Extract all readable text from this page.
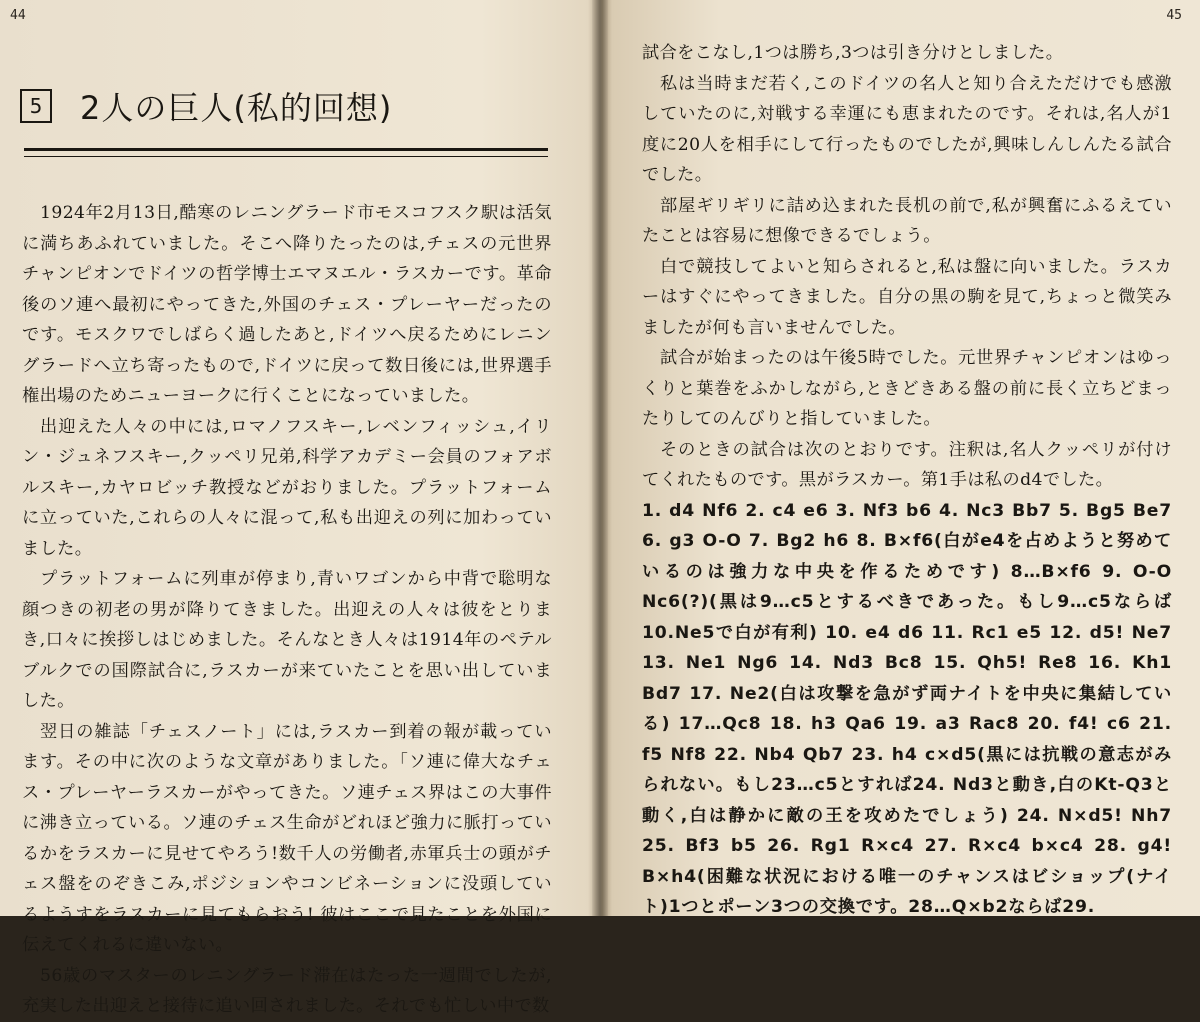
44
5	2人の巨人(私的回想)

1924年2月13日,酷寒のレニングラード市モスコフスク駅は活気に満ちあふれていました。そこへ降りたったのは,チェスの元世界チャンピオンでドイツの哲学博士エマヌエル・ラスカーです。革命後のソ連へ最初にやってきた,外国のチェス・プレーヤーだったのです。モスクワでしばらく過したあと,ドイツへ戻るためにレニングラードへ立ち寄ったもので,ドイツに戻って数日後には,世界選手権出場のためニューヨークに行くことになっていました。

出迎えた人々の中には,ロマノフスキー,レベンフィッシュ,イリン・ジュネフスキー,クッペリ兄弟,科学アカデミー会員のフォアボルスキー,カヤロビッチ教授などがおりました。プラットフォームに立っていた,これらの人々に混って,私も出迎えの列に加わっていました。

プラットフォームに列車が停まり,青いワゴンから中背で聡明な顔つきの初老の男が降りてきました。出迎えの人々は彼をとりまき,口々に挨拶しはじめました。そんなとき人々は1914年のペテルブルクでの国際試合に,ラスカーが来ていたことを思い出していました。

翌日の雑誌「チェスノート」には,ラスカー到着の報が載っています。その中に次のような文章がありました。「ソ連に偉大なチェス・プレーヤーラスカーがやってきた。ソ連チェス界はこの大事件に沸き立っている。ソ連のチェス生命がどれほど強力に脈打っているかをラスカーに見せてやろう!数千人の労働者,赤軍兵士の頭がチェス盤をのぞきこみ,ポジションやコンビネーションに没頭しているようすをラスカーに見てもらおう! 彼はここで見たことを外国に伝えてくれるに違いない。

56歳のマスターのレニングラード滞在はたった一週間でしたが,充実した出迎えと接待に追い回されました。それでも忙しい中で数

45

試合をこなし,1つは勝ち,3つは引き分けとしました。

私は当時まだ若く,このドイツの名人と知り合えただけでも感激していたのに,対戦する幸運にも恵まれたのです。それは,名人が1度に20人を相手にして行ったものでしたが,興味しんしんたる試合でした。

部屋ギリギリに詰め込まれた長机の前で,私が興奮にふるえていたことは容易に想像できるでしょう。

白で競技してよいと知らされると,私は盤に向いました。ラスカーはすぐにやってきました。自分の黒の駒を見て,ちょっと微笑みましたが何も言いませんでした。

試合が始まったのは午後5時でした。元世界チャンピオンはゆっくりと葉巻をふかしながら,ときどきある盤の前に長く立ちどまったりしてのんびりと指していました。

そのときの試合は次のとおりです。注釈は,名人クッペリが付けてくれたものです。黒がラスカー。第1手は私のd4でした。

1. d4 Nf6 2. c4 e6 3. Nf3 b6 4. Nc3 Bb7 5. Bg5 Be7 6. g3 O-O 7. Bg2 h6 8. B×f6(白がe4を占めようと努めているのは強力な中央を作るためです) 8…B×f6 9. O-O Nc6(?)(黒は9…c5とするべきであった。もし9…c5ならば10.Ne5で白が有利) 10. e4 d6 11. Rc1 e5 12. d5! Ne7 13. Ne1 Ng6 14. Nd3 Bc8 15. Qh5! Re8 16. Kh1 Bd7 17. Ne2(白は攻撃を急がず両ナイトを中央に集結している) 17…Qc8 18. h3 Qa6 19. a3 Rac8 20. f4! c6 21. f5 Nf8 22. Nb4 Qb7 23. h4 c×d5(黒には抗戦の意志がみられない。もし23…c5とすれば24. Nd3と動き,白のKt-Q3と動く,白は静かに敵の王を攻めたでしょう) 24. N×d5! Nh7 25. Bf3 b5 26. Rg1 R×c4 27. R×c4 b×c4 28. g4! B×h4(困難な状況における唯一のチャンスはビショップ(ナイト)1つとポーン3つの交換です。28…Q×b2ならば29.
